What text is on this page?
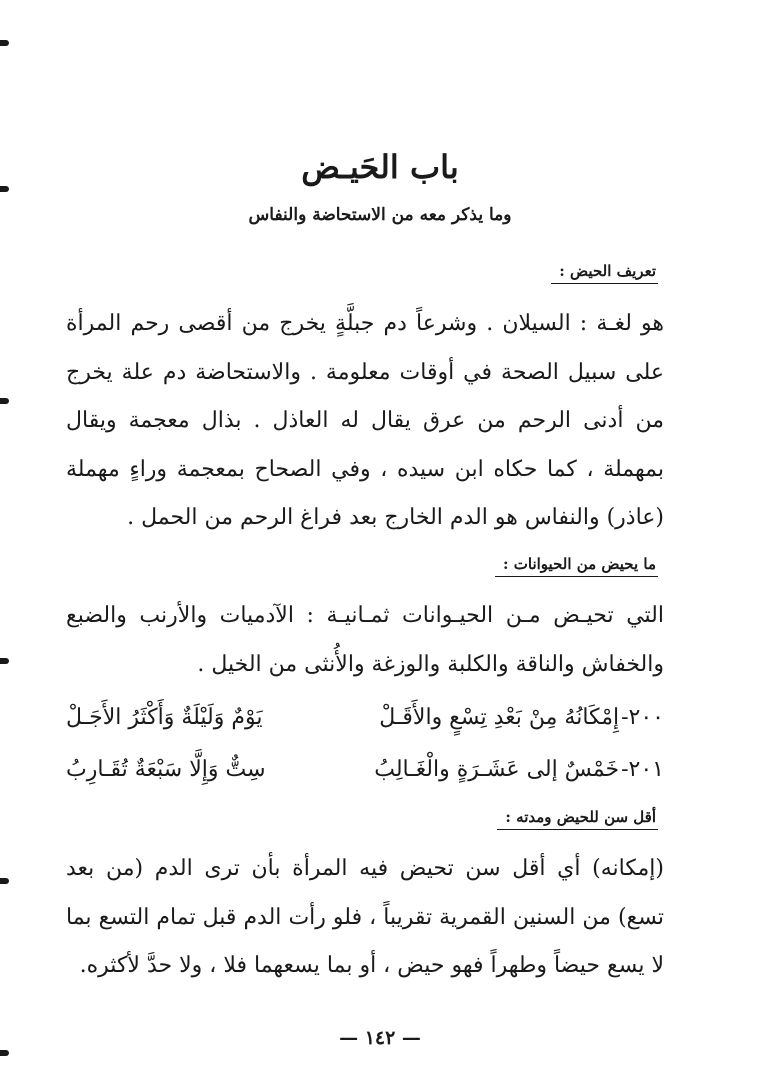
باب الحَيـض
وما يذكر معه من الاستحاضة والنفاس
تعريف الحيض :

هو لغـة : السيلان . وشرعاً دم جبلَّةٍ يخرج من أقصى رحم المرأة على سبيل الصحة في أوقات معلومة . والاستحاضة دم علة يخرج من أدنى الرحم من عرق يقال له العاذل . بذال معجمة ويقال بمهملة ، كما حكاه ابن سيده ، وفي الصحاح بمعجمة وراءٍ مهملة (عاذر) والنفاس هو الدم الخارج بعد فراغ الرحم من الحمل .

ما يحيض من الحيوانات :

التي تحيـض مـن الحيـوانات ثمـانيـة : الآدميات والأرنب والضبع والخفاش والناقة والكلبة والوزغة والأُنثى من الخيل .

٢٠٠-
إِمْكَانُهُ مِنْ بَعْدِ تِسْعٍ والأَقَـلْ
يَوْمٌ وَلَيْلَةٌ وَأَكْثَرُ الأَجَـلْ
٢٠١-
خَمْسٌ إلى عَشَـرَةٍ والْغَـالِبُ
سِتٌّ وَإِلَّا سَبْعَةٌ تُقَـارِبُ
أقل سن للحيض ومدته :

(إمكانه) أي أقل سن تحيض فيه المرأة بأن ترى الدم (من بعد تسع) من السنين القمرية تقريباً ، فلو رأت الدم قبل تمام التسع بما لا يسع حيضاً وطهراً فهو حيض ، أو بما يسعهما فلا ، ولا حدَّ لأكثره.

— ١٤٢ —
